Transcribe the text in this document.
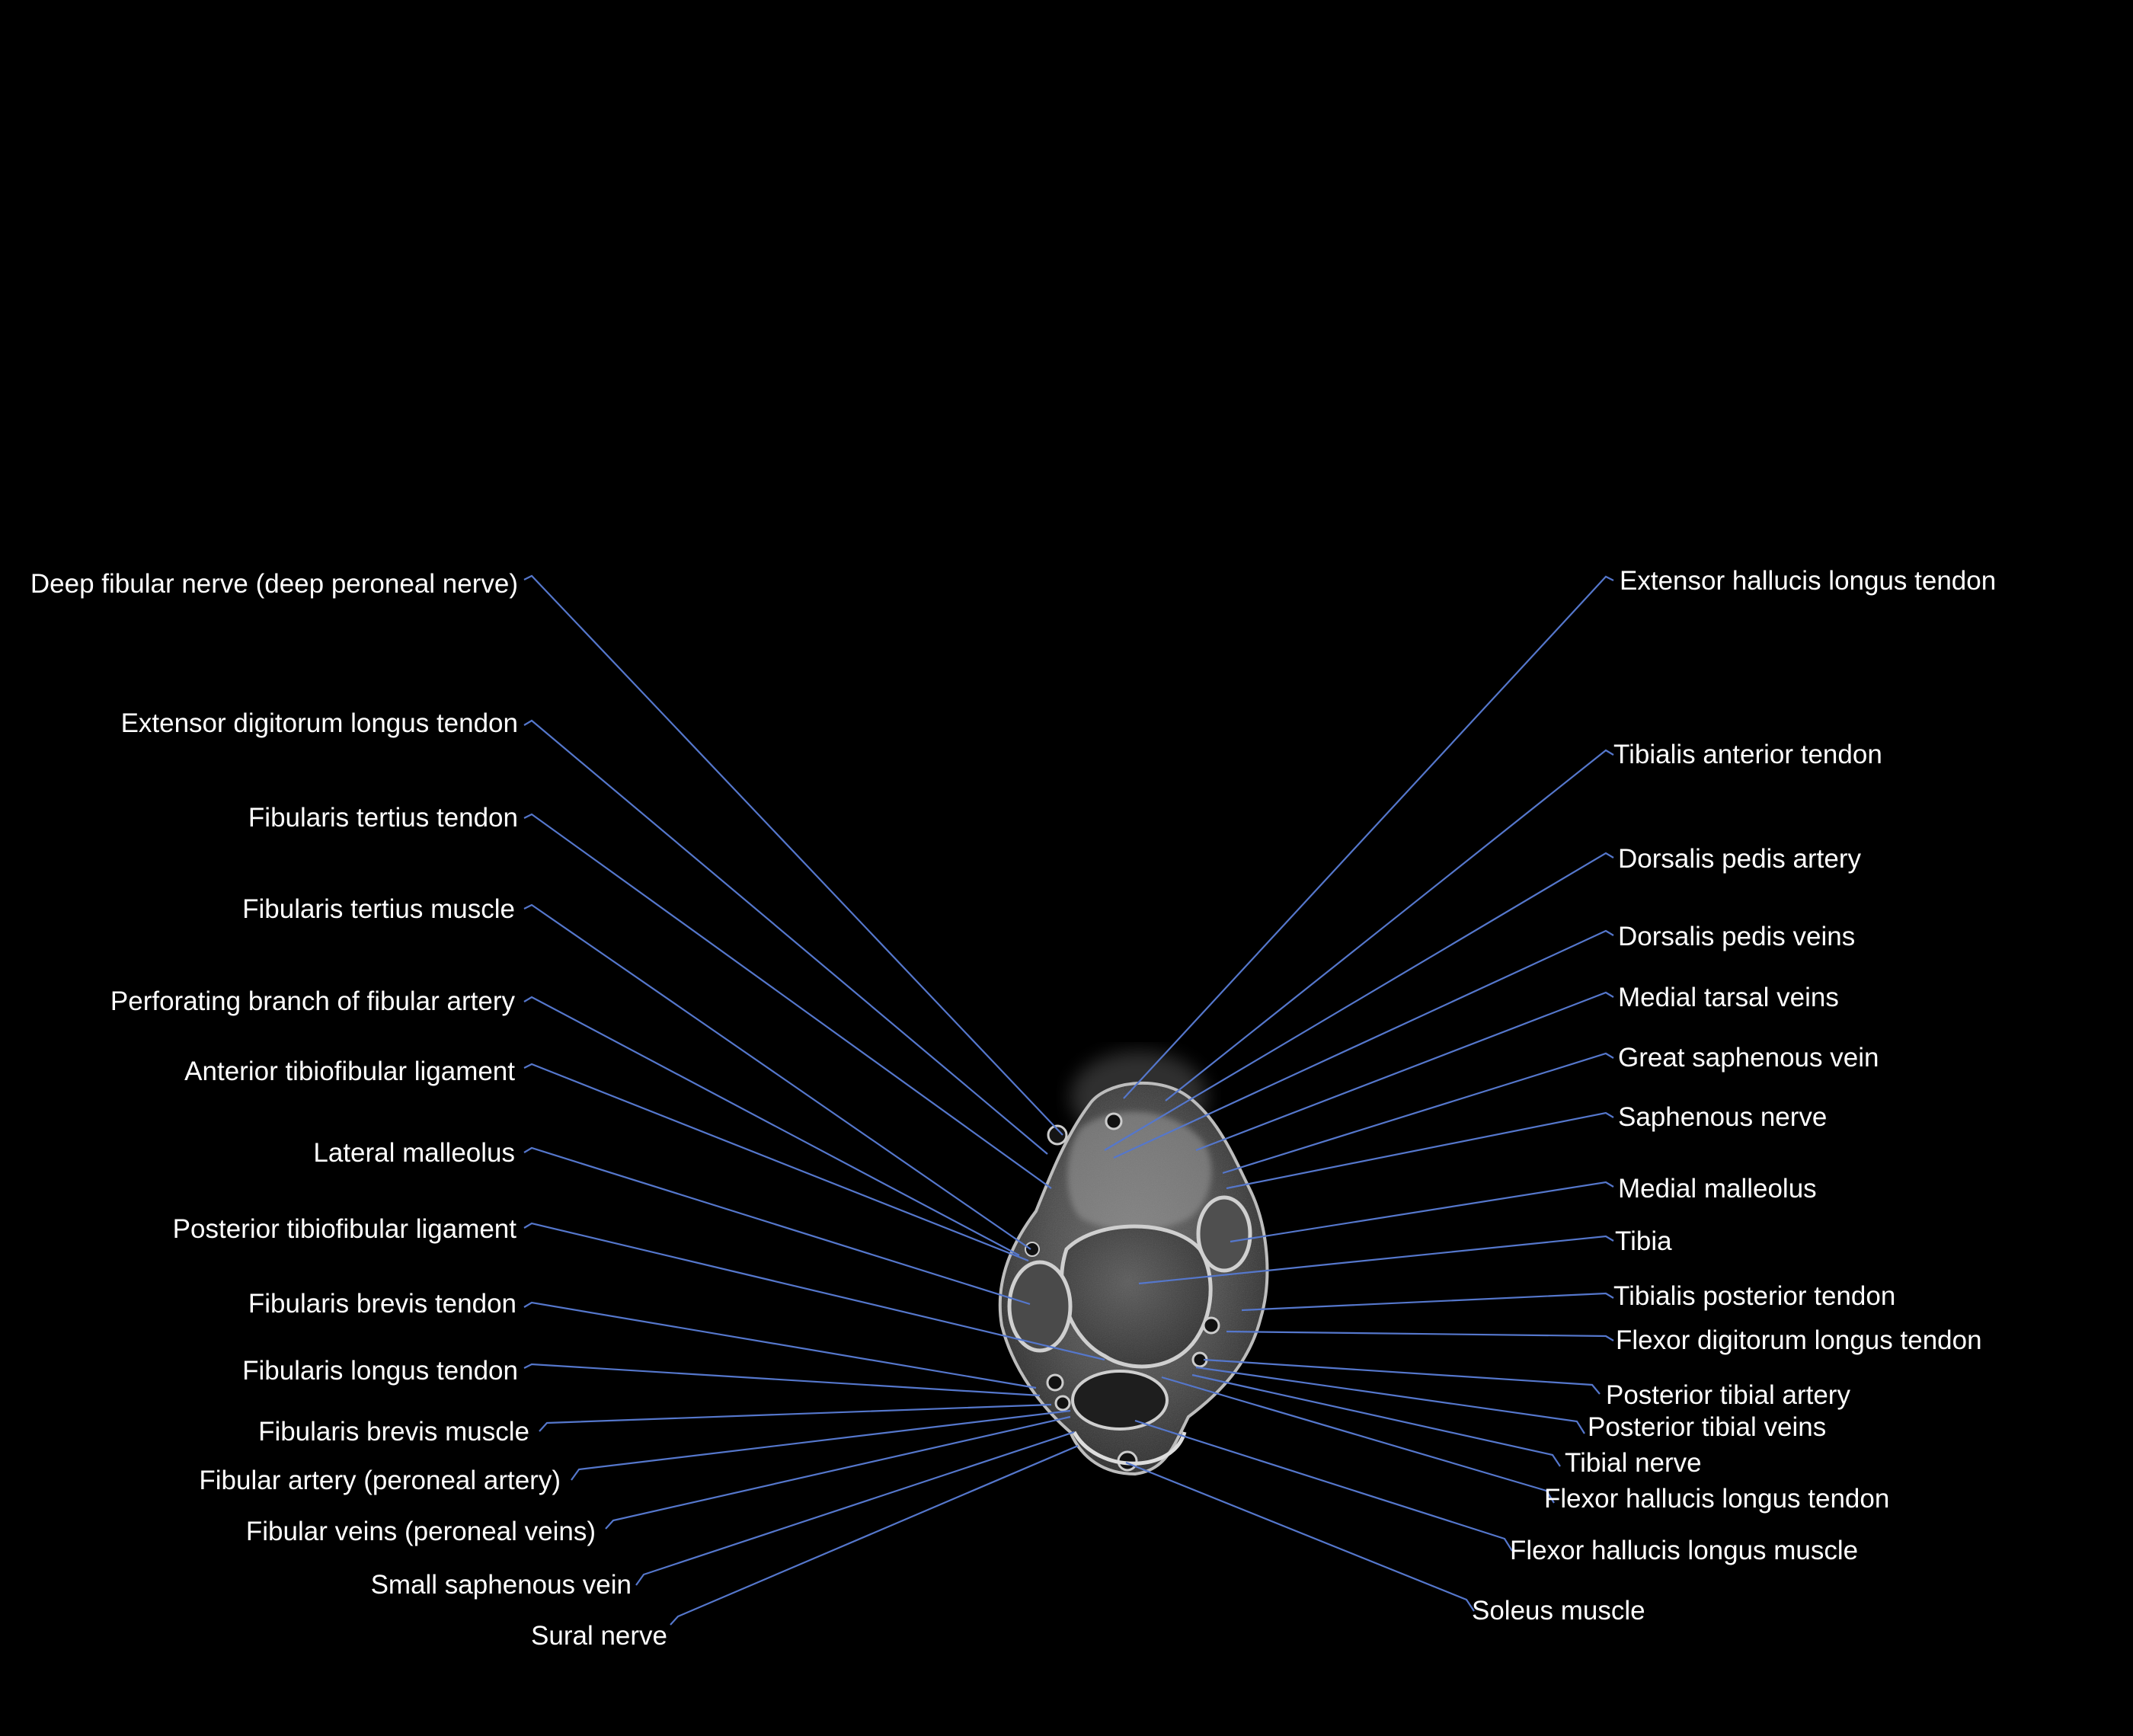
Deep fibular nerve (deep peroneal nerve)
Extensor digitorum longus tendon
Fibularis tertius tendon
Fibularis tertius muscle
Perforating branch of fibular artery
Anterior tibiofibular ligament
Lateral malleolus
Posterior tibiofibular ligament
Fibularis brevis tendon
Fibularis longus tendon
Fibularis brevis muscle
Fibular artery (peroneal artery)
Fibular veins (peroneal veins)
Small saphenous vein
Sural nerve
Extensor hallucis longus tendon
Tibialis anterior tendon
Dorsalis pedis artery
Dorsalis pedis veins
Medial tarsal veins
Great saphenous vein
Saphenous nerve
Medial malleolus
Tibia
Tibialis posterior tendon
Flexor digitorum longus tendon
Posterior tibial artery
Posterior tibial veins
Tibial nerve
Flexor hallucis longus tendon
Flexor hallucis longus muscle
Soleus muscle
